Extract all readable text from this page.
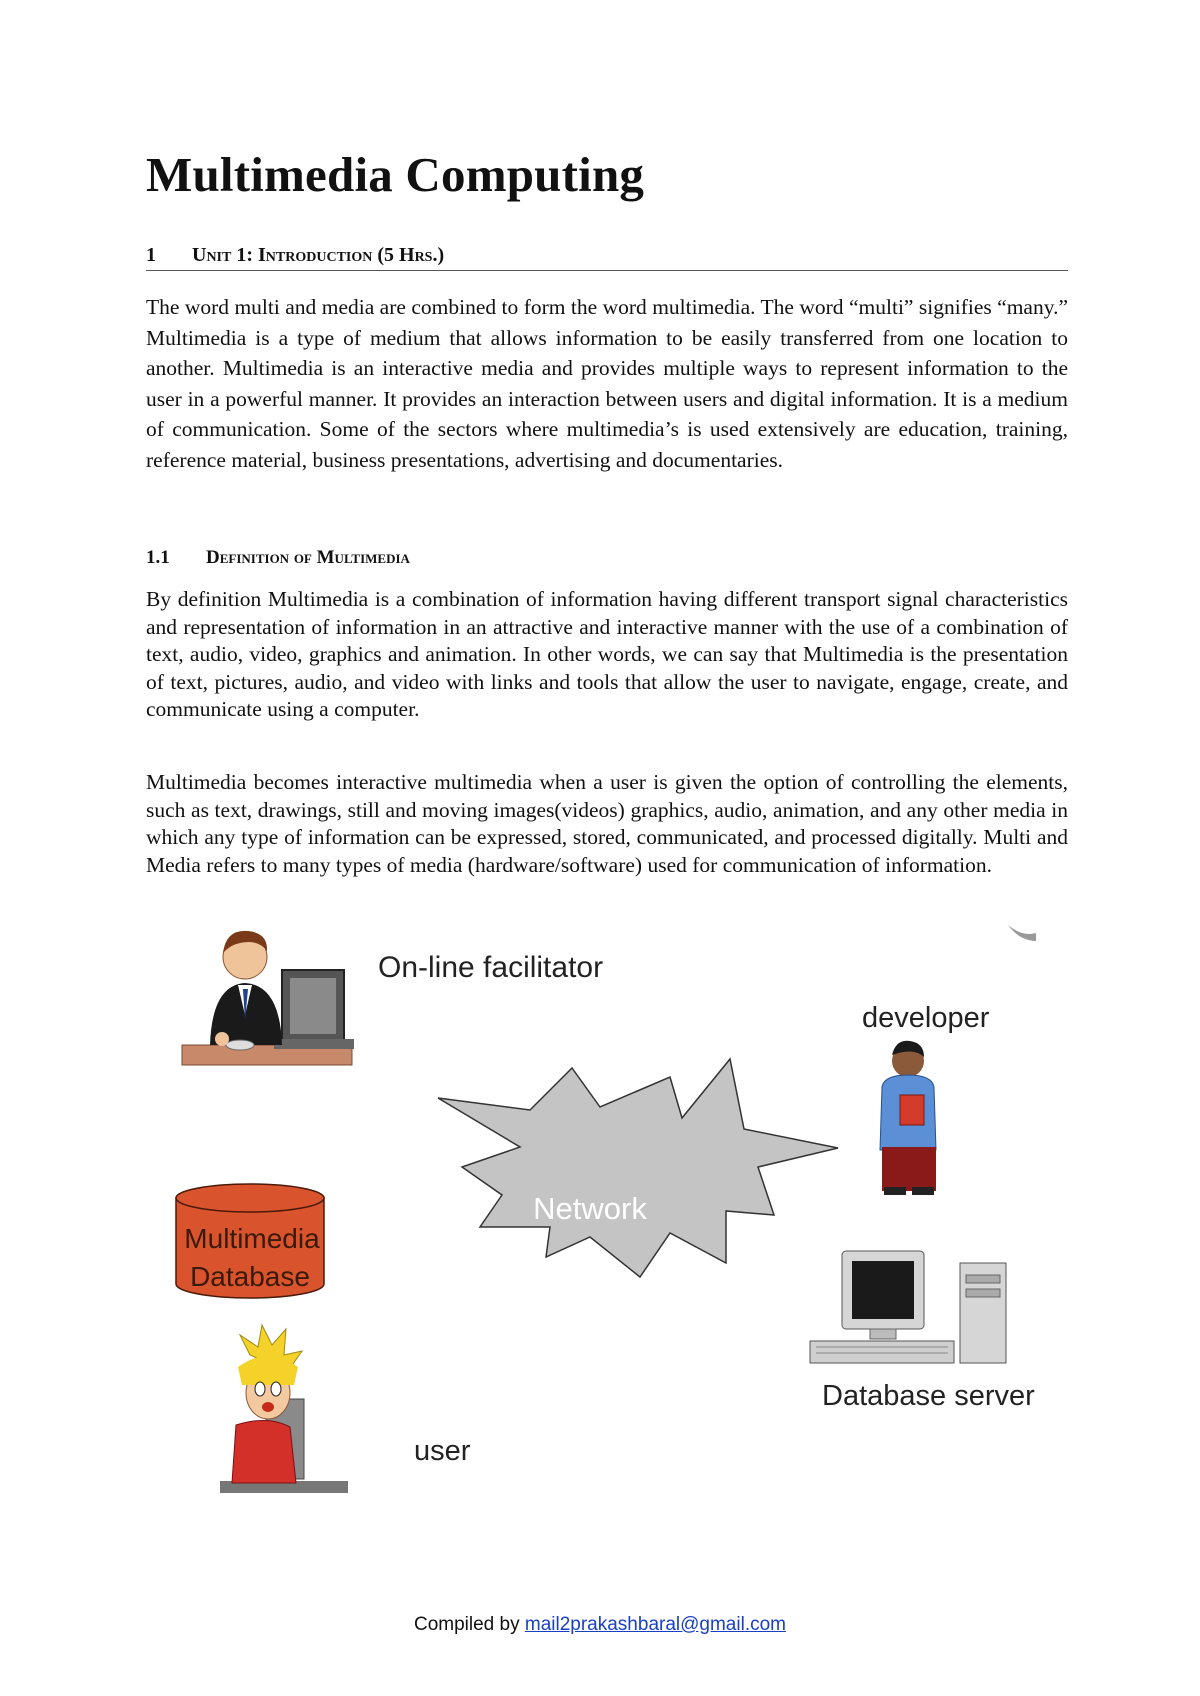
Multimedia Computing
1 Unit 1: Introduction (5 Hrs.)

The word multi and media are combined to form the word multimedia. The word “multi” signifies “many.” Multimedia is a type of medium that allows information to be easily transferred from one location to another. Multimedia is an interactive media and provides multiple ways to represent information to the user in a powerful manner. It provides an interaction between users and digital information. It is a medium of communication. Some of the sectors where multimedia’s is used extensively are education, training, reference material, business presentations, advertising and documentaries.

1.1 Definition of Multimedia

By definition Multimedia is a combination of information having different transport signal characteristics and representation of information in an attractive and interactive manner with the use of a combination of text, audio, video, graphics and animation. In other words, we can say that Multimedia is the presentation of text, pictures, audio, and video with links and tools that allow the user to navigate, engage, create, and communicate using a computer.

Multimedia becomes interactive multimedia when a user is given the option of controlling the elements, such as text, drawings, still and moving images(videos) graphics, audio, animation, and any other media in which any type of information can be expressed, stored, communicated, and processed digitally. Multi and Media refers to many types of media (hardware/software) used for communication of information.

On-line facilitator
developer
Network
Multimedia
Database
Database server
user
Compiled by mail2prakashbaral@gmail.com
